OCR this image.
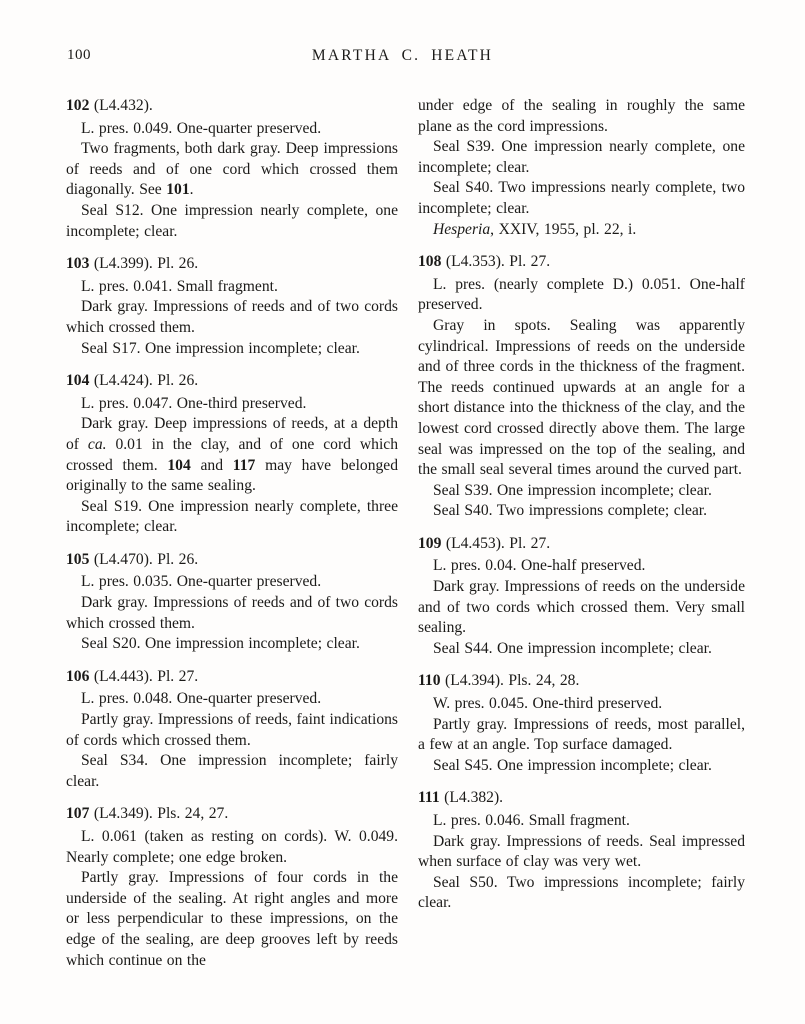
100	MARTHA C. HEATH

102 (L4.432).

L. pres. 0.049. One-quarter preserved.

Two fragments, both dark gray. Deep impressions of reeds and of one cord which crossed them diagonally. See 101.

Seal S12. One impression nearly complete, one incomplete; clear.

103 (L4.399). Pl. 26.

L. pres. 0.041. Small fragment.

Dark gray. Impressions of reeds and of two cords which crossed them.

Seal S17. One impression incomplete; clear.

104 (L4.424). Pl. 26.

L. pres. 0.047. One-third preserved.

Dark gray. Deep impressions of reeds, at a depth of ca. 0.01 in the clay, and of one cord which crossed them. 104 and 117 may have belonged originally to the same sealing.

Seal S19. One impression nearly complete, three incomplete; clear.

105 (L4.470). Pl. 26.

L. pres. 0.035. One-quarter preserved.

Dark gray. Impressions of reeds and of two cords which crossed them.

Seal S20. One impression incomplete; clear.

106 (L4.443). Pl. 27.

L. pres. 0.048. One-quarter preserved.

Partly gray. Impressions of reeds, faint indications of cords which crossed them.

Seal S34. One impression incomplete; fairly clear.

107 (L4.349). Pls. 24, 27.

L. 0.061 (taken as resting on cords). W. 0.049. Nearly complete; one edge broken.

Partly gray. Impressions of four cords in the underside of the sealing. At right angles and more or less perpendicular to these impressions, on the edge of the sealing, are deep grooves left by reeds which continue on the

under edge of the sealing in roughly the same plane as the cord impressions.

Seal S39. One impression nearly complete, one incomplete; clear.

Seal S40. Two impressions nearly complete, two incomplete; clear.

Hesperia, XXIV, 1955, pl. 22, i.

108 (L4.353). Pl. 27.

L. pres. (nearly complete D.) 0.051. One-half preserved.

Gray in spots. Sealing was apparently cylindrical. Impressions of reeds on the underside and of three cords in the thickness of the fragment. The reeds continued upwards at an angle for a short distance into the thickness of the clay, and the lowest cord crossed directly above them. The large seal was impressed on the top of the sealing, and the small seal several times around the curved part.

Seal S39. One impression incomplete; clear.

Seal S40. Two impressions complete; clear.

109 (L4.453). Pl. 27.

L. pres. 0.04. One-half preserved.

Dark gray. Impressions of reeds on the underside and of two cords which crossed them. Very small sealing.

Seal S44. One impression incomplete; clear.

110 (L4.394). Pls. 24, 28.

W. pres. 0.045. One-third preserved.

Partly gray. Impressions of reeds, most parallel, a few at an angle. Top surface damaged.

Seal S45. One impression incomplete; clear.

111 (L4.382).

L. pres. 0.046. Small fragment.

Dark gray. Impressions of reeds. Seal impressed when surface of clay was very wet.

Seal S50. Two impressions incomplete; fairly clear.
